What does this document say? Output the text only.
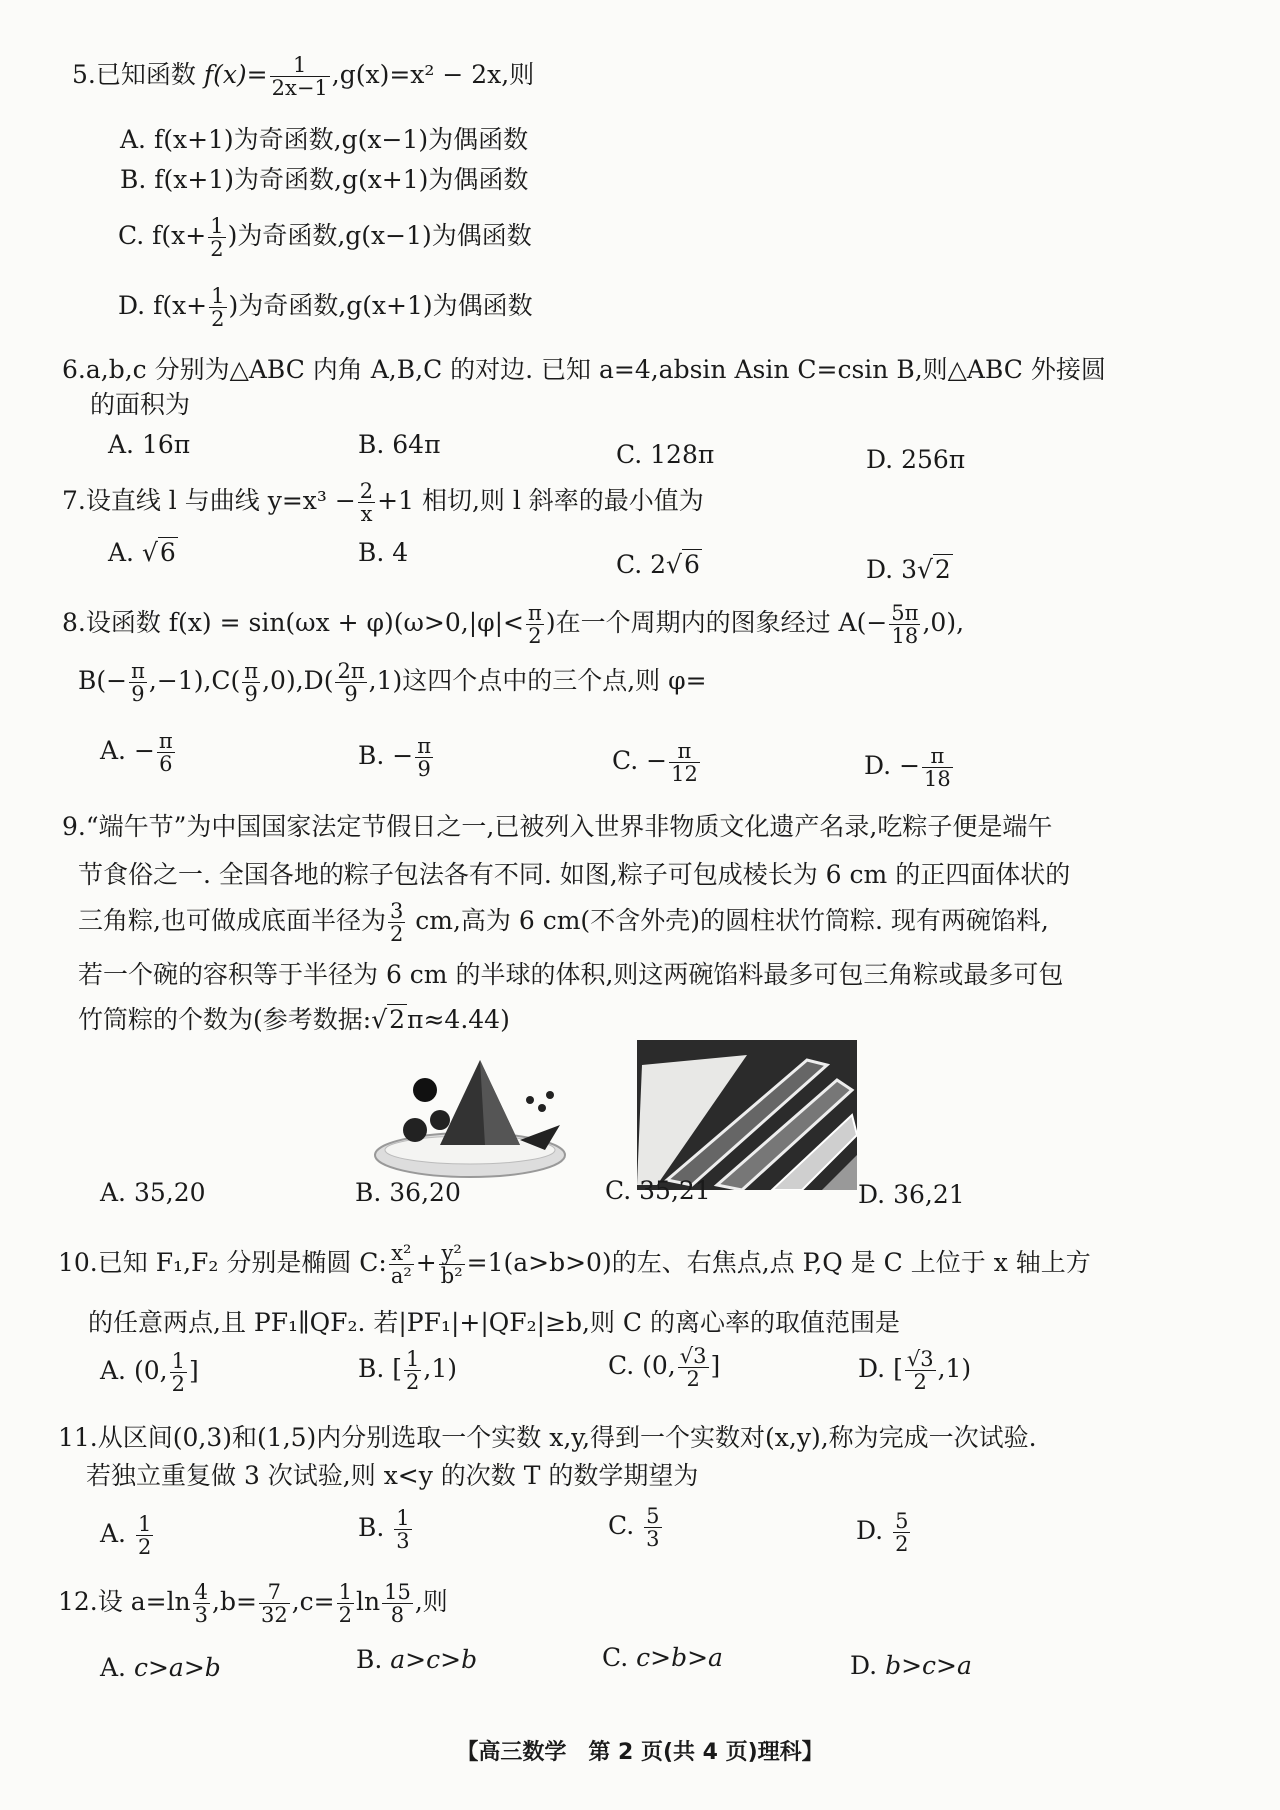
5.已知函数 $f(x)= \frac{1}{2x-1} ,g(x)=x^2 - 2x$,则
A. f(x+1)为奇函数,g(x−1)为偶函数
B. f(x+1)为奇函数,g(x+1)为偶函数
C. $f(x+ \frac{1}{2}$ )为奇函数,g(x−1)为偶函数
D. $f(x+ \frac{1}{2}$ )为奇函数,g(x+1)为偶函数
6.a,b,c 分别为△ABC 内角 A,B,C 的对边. 已知 a=4,absin Asin C=csin B,则△ABC 外接圆
的面积为
A. 16π	B. 64π	C. 128π	D. 256π
7.设直线 l 与曲线 $y=x^3 - \frac{2}{x} +1$ 相切,则 l 斜率的最小值为
A. √6	B. 4	C. 2√6	D. 3√2
8.设函数 $f(x) = \sin(\omega x + \varphi)(\omega>0,|\varphi|< \frac{\pi}{2}$ )在一个周期内的图象经过 $A(- \frac{5\pi}{18} ,0)$,
$B(- \frac{\pi}{9} ,-1),C( \frac{\pi}{9} ,0),D( \frac{2\pi}{9} ,1)$这四个点中的三个点,则 φ=
A. − $\frac{\pi}{6}$	B. − $\frac{\pi}{9}$	C. − $\frac{\pi}{12}$	D. − $\frac{\pi}{18}$
9.“端午节”为中国国家法定节假日之一,已被列入世界非物质文化遗产名录,吃粽子便是端午
节食俗之一. 全国各地的粽子包法各有不同. 如图,粽子可包成棱长为 6 cm 的正四面体状的
三角粽,也可做成底面半径为 $\frac{3}{2}$ cm,高为 6 cm(不含外壳)的圆柱状竹筒粽. 现有两碗馅料,
若一个碗的容积等于半径为 6 cm 的半球的体积,则这两碗馅料最多可包三角粽或最多可包
竹筒粽的个数为(参考数据:√2π≈4.44)
A. 35,20	B. 36,20	C. 35,21	D. 36,21
10.已知 F₁,F₂ 分别是椭圆 C: $\frac{\text{x²}}{\text{a²}} + \frac{\text{y²}}{\text{b²}} =1(a>b>0)$的左、右焦点,点 P,Q 是 C 上位于 x 轴上方
的任意两点,且 PF₁∥QF₂. 若|PF₁|+|QF₂|≥b,则 C 的离心率的取值范围是
A. (0, $\frac{1}{2}$ ]	B. [ $\frac{1}{2} ,1$)	C. (0, $\frac{√3}{2}$ ]	D. [ $\frac{√3}{2} ,1$)
11.从区间(0,3)和(1,5)内分别选取一个实数 x,y,得到一个实数对(x,y),称为完成一次试验.
若独立重复做 3 次试验,则 x<y 的次数 T 的数学期望为
A. $\frac{1}{2}$	B. $\frac{1}{3}$	C. $\frac{5}{3}$	D. $\frac{5}{2}$
12.设 $a=\ln \frac{4}{3} ,b= \frac{7}{32} ,c= \frac{1}{2}$ $\ln \frac{15}{8}$ ,则
A. c>a>b	B. a>c>b	C. c>b>a	D. b>c>a
【高三数学　第 2 页(共 4 页)理科】
